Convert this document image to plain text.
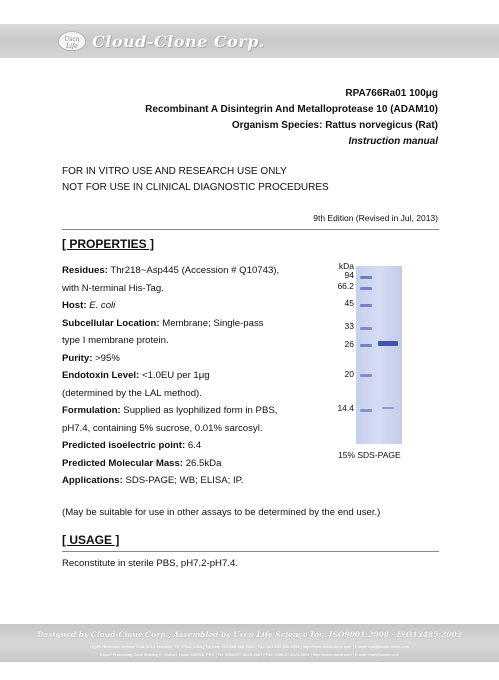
Uscn Life Cloud-Clone Corp.
RPA766Ra01 100μg
Recombinant A Disintegrin And Metalloprotease 10 (ADAM10)
Organism Species: Rattus norvegicus (Rat)
Instruction manual
FOR IN VITRO USE AND RESEARCH USE ONLY
NOT FOR USE IN CLINICAL DIAGNOSTIC PROCEDURES
9th Edition (Revised in Jul, 2013)
[ PROPERTIES ]
Residues: Thr218~Asp445 (Accession # Q10743),
with N-terminal His-Tag.
Host: E. coli
Subcellular Location: Membrane; Single-pass
type I membrane protein.
Purity: >95%
Endotoxin Level: <1.0EU per 1μg
(determined by the LAL method).
Formulation: Supplied as lyophilized form in PBS,
pH7.4, containing 5% sucrose, 0.01% sarcosyl.
Predicted isoelectric point: 6.4
Predicted Molecular Mass: 26.5kDa
Applications: SDS-PAGE; WB; ELISA; IP.
(May be suitable for use in other assays to be determined by the end user.)
kDa
94
66.2
45
33
26
20
14.4
15% SDS-PAGE
[ USAGE ]
Reconstitute in sterile PBS, pH7.2-pH7.4.
Designed by Cloud-Clone Corp., Assembled by Uscn Life Science Inc. ISO9001:2008 · ISO13485:2003
HQ/R: Richmond Avenue Suite 3010, Houston, TX 77082, USA | Toll-free: 001-888-960-7402 | Fax: 001-832-538-0958 | http://www.cloud-clone.com | E-mail: mail@cloud-clone.com
Export Processing Zone Building E, Wuhan, Hubei 430056, PRC | Tel: 0086-027-8425-0687 | Fax: 0086-27-8425-9551 | http://www.uscnk.com | E-mail: mail@uscnk.com
